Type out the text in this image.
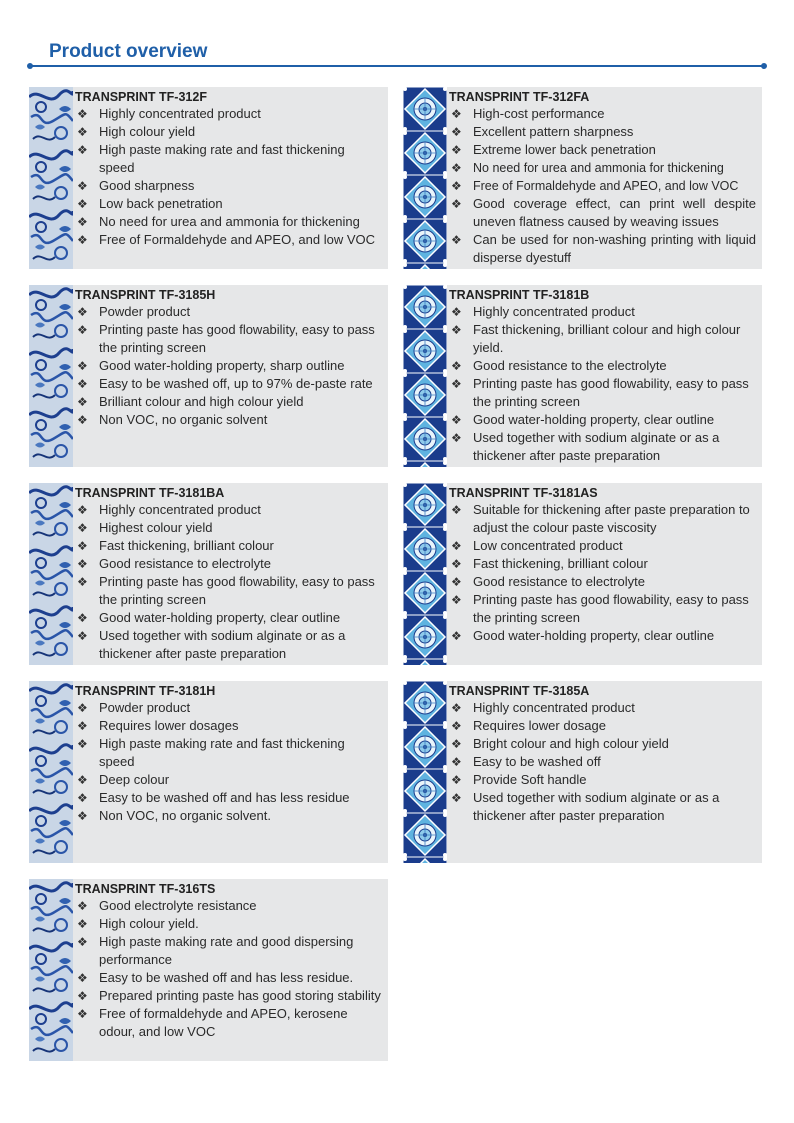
Product overview
TRANSPRINT TF-312F
❖ Highly concentrated product
❖ High colour yield
❖ High paste making rate and fast thickening speed
❖ Good sharpness
❖ Low back penetration
❖ No need for urea and ammonia for thickening
❖ Free of Formaldehyde and APEO, and low VOC
TRANSPRINT TF-312FA
❖ High-cost performance
❖ Excellent pattern sharpness
❖ Extreme lower back penetration
❖ No need for urea and ammonia for thickening
❖ Free of Formaldehyde and APEO, and low VOC
❖ Good coverage effect, can print well despite uneven flatness caused by weaving issues
❖ Can be used for non-washing printing with liquid disperse dyestuff
TRANSPRINT TF-3185H
❖ Powder product
❖ Printing paste has good flowability, easy to pass the printing screen
❖ Good water-holding property, sharp outline
❖ Easy to be washed off, up to 97% de-paste rate
❖ Brilliant colour and high colour yield
❖ Non VOC, no organic solvent
TRANSPRINT TF-3181B
❖ Highly concentrated product
❖ Fast thickening, brilliant colour and high colour yield.
❖ Good resistance to the electrolyte
❖ Printing paste has good flowability, easy to pass the printing screen
❖ Good water-holding property, clear outline
❖ Used together with sodium alginate or as a thickener after paste preparation
TRANSPRINT TF-3181BA
❖ Highly concentrated product
❖ Highest colour yield
❖ Fast thickening, brilliant colour
❖ Good resistance to electrolyte
❖ Printing paste has good flowability, easy to pass the printing screen
❖ Good water-holding property, clear outline
❖ Used together with sodium alginate or as a thickener after paste preparation
TRANSPRINT TF-3181AS
❖ Suitable for thickening after paste preparation to adjust the colour paste viscosity
❖ Low concentrated product
❖ Fast thickening, brilliant colour
❖ Good resistance to electrolyte
❖ Printing paste has good flowability, easy to pass the printing screen
❖ Good water-holding property, clear outline
TRANSPRINT TF-3181H
❖ Powder product
❖ Requires lower dosages
❖ High paste making rate and fast thickening speed
❖ Deep colour
❖ Easy to be washed off and has less residue
❖ Non VOC, no organic solvent.
TRANSPRINT TF-3185A
❖ Highly concentrated product
❖ Requires lower dosage
❖ Bright colour and high colour yield
❖ Easy to be washed off
❖ Provide Soft handle
❖ Used together with sodium alginate or as a thickener after paster preparation
TRANSPRINT TF-316TS
❖ Good electrolyte resistance
❖ High colour yield.
❖ High paste making rate and good dispersing performance
❖ Easy to be washed off and has less residue.
❖ Prepared printing paste has good storing stability
❖ Free of formaldehyde and APEO, kerosene odour, and low VOC
